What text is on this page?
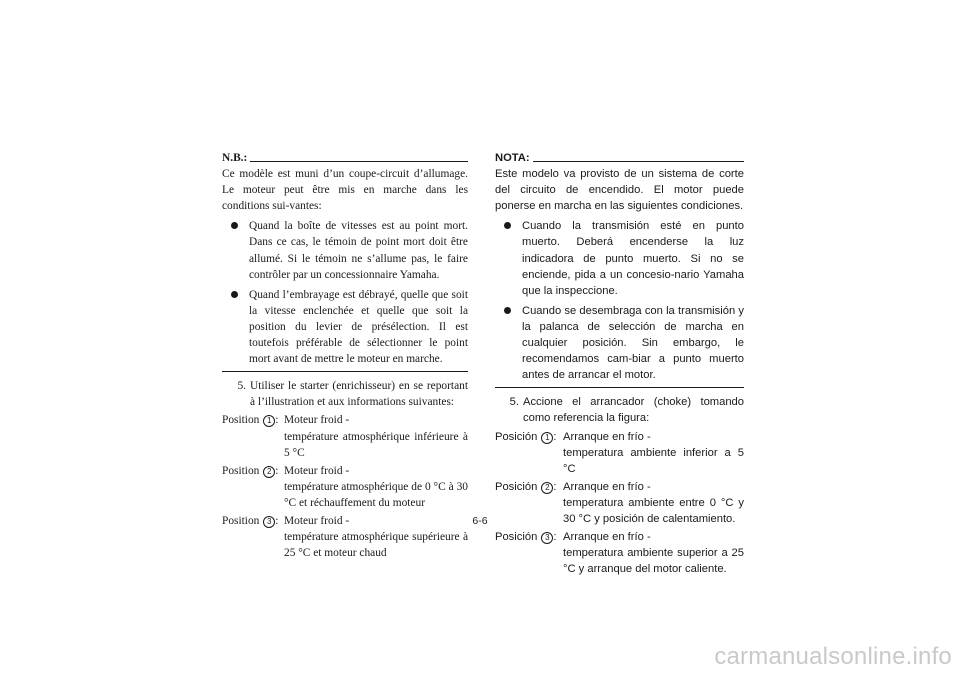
N.B.:
Ce modèle est muni d’un coupe-circuit d’allumage. Le moteur peut être mis en marche dans les conditions sui-vantes:
Quand la boîte de vitesses est au point mort. Dans ce cas, le témoin de point mort doit être allumé. Si le témoin ne s’allume pas, le faire contrôler par un concessionnaire Yamaha.
Quand l’embrayage est débrayé, quelle que soit la vitesse enclenchée et quelle que soit la position du levier de présélection. Il est toutefois préférable de sélectionner le point mort avant de mettre le moteur en marche.
5. Utiliser le starter (enrichisseur) en se reportant à l’illustration et aux informations suivantes:
Position 1 : Moteur froid -
température atmosphérique inférieure à 5 °C
Position 2 : Moteur froid -
température atmosphérique de 0 °C à 30 °C et réchauffement du moteur
Position 3 : Moteur froid -
température atmosphérique supérieure à 25 °C et moteur chaud
NOTA:
Este modelo va provisto de un sistema de corte del circuito de encendido. El motor puede ponerse en marcha en las siguientes condiciones.
Cuando la transmisión esté en punto muerto. Deberá encenderse la luz indicadora de punto muerto. Si no se enciende, pida a un concesio-nario Yamaha que la inspeccione.
Cuando se desembraga con la transmisión y la palanca de selección de marcha en cualquier posición. Sin embargo, le recomendamos cam-biar a punto muerto antes de arrancar el motor.
5. Accione el arrancador (choke) tomando como referencia la figura:
Posición 1 : Arranque en frío -
temperatura ambiente inferior a 5 °C
Posición 2 : Arranque en frío -
temperatura ambiente entre 0 °C y 30 °C y posición de calentamiento.
Posición 3 : Arranque en frío -
temperatura ambiente superior a 25 °C y arranque del motor caliente.
6-6
carmanualsonline.info
